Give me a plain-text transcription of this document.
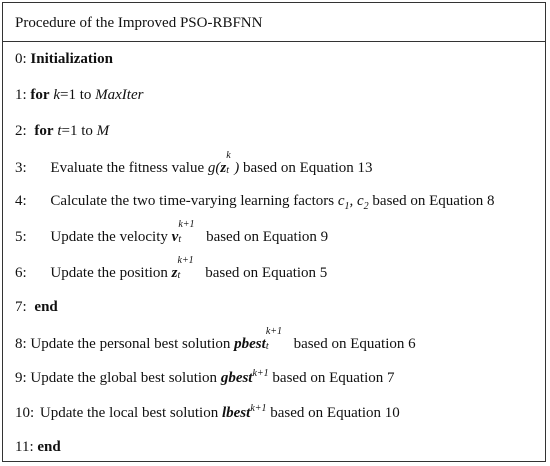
Procedure of the Improved PSO-RBFNN
0: Initialization
1: for k=1 to MaxIter
2: for t=1 to M
3: Evaluate the fitness value g(z
k
t ) based on Equation 13
4: Calculate the two time-varying learning factors $c_1$, $c_2$ based on Equation 8
5: Update the velocity v
k+1
t based on Equation 9
6: Update the position z
k+1
t based on Equation 5
7: end
8: Update the personal best solution pbest
k+1
t based on Equation 6
9: Update the global best solution gbest$^{k+1}$ based on Equation 7
10: Update the local best solution lbest$^{k+1}$ based on Equation 10
11: end
